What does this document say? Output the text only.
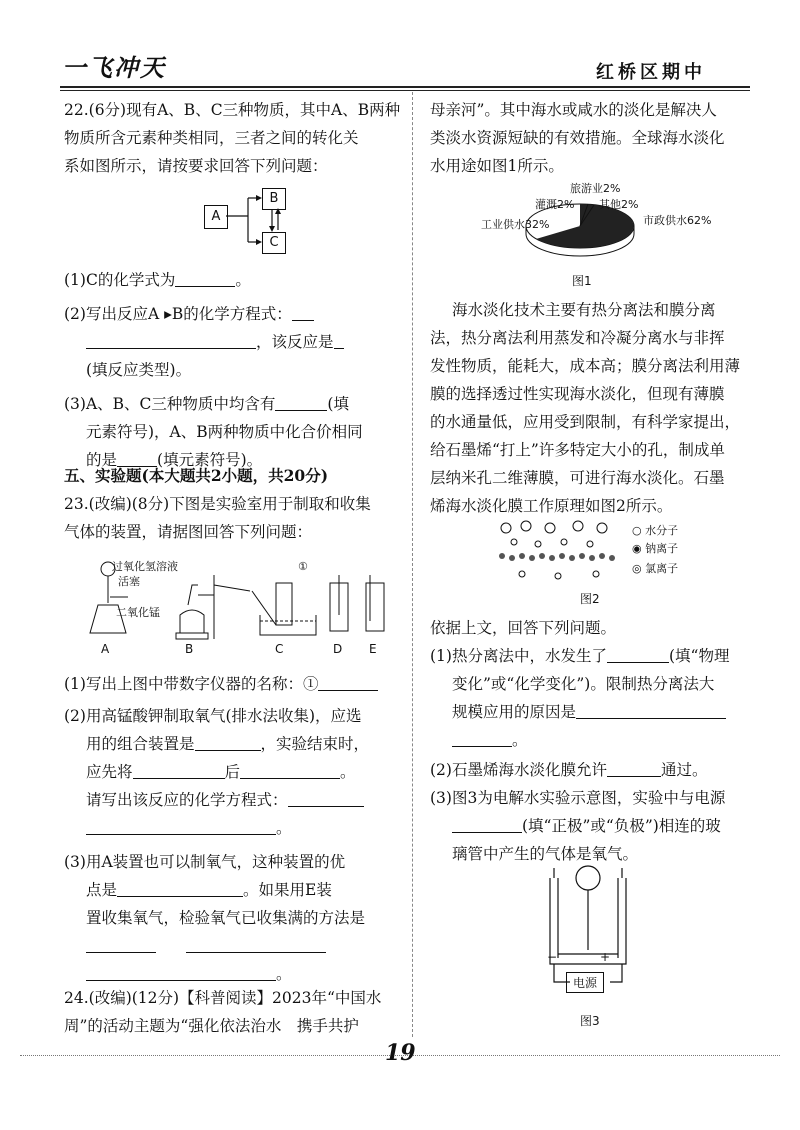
一飞冲天	红桥区期中
22.(6分)现有A、B、C三种物质，其中A、B两种
物质所含元素种类相同，三者之间的转化关
系如图所示，请按要求回答下列问题：
A
B
C
(1)C的化学式为	。
(2)写出反应A ▸B的化学方程式：
，该反应是
(填反应类型)。
(3)A、B、C三种物质中均含有	(填
元素符号)，A、B两种物质中化合价相同
的是	(填元素符号)。
五、实验题(本大题共2小题，共20分)
23.(改编)(8分)下图是实验室用于制取和收集
气体的装置，请据图回答下列问题：
过氧化氢溶液
活塞
二氧化锰
①
A	B	C	D E
(1)写出上图中带数字仪器的名称：①
(2)用高锰酸钾制取氧气(排水法收集)，应选
用的组合装置是	，实验结束时，
应先将	后	。
请写出该反应的化学方程式：
。
(3)用A装置也可以制氧气，这种装置的优
点是	。如果用E装
置收集氧气，检验氧气已收集满的方法是
。
24.(改编)(12分)【科普阅读】2023年“中国水
周”的活动主题为“强化依法治水　携手共护
母亲河”。其中海水或咸水的淡化是解决人
类淡水资源短缺的有效措施。全球海水淡化
水用途如图1所示。
旅游业2%
灌溉2% 其他2%
工业供水32%	市政供水62%
图1
海水淡化技术主要有热分离法和膜分离
法，热分离法利用蒸发和冷凝分离水与非挥
发性物质，能耗大，成本高；膜分离法利用薄
膜的选择透过性实现海水淡化，但现有薄膜
的水通量低，应用受到限制，有科学家提出，
给石墨烯“打上”许多特定大小的孔，制成单
层纳米孔二维薄膜，可进行海水淡化。石墨
烯海水淡化膜工作原理如图2所示。
○ 水分子
◉ 钠离子
◎ 氯离子
图2
依据上文，回答下列问题。
(1)热分离法中，水发生了	(填“物理
变化”或“化学变化”)。限制热分离法大
规模应用的原因是
。
(2)石墨烯海水淡化膜允许	通过。
(3)图3为电解水实验示意图，实验中与电源
(填“正极”或“负极”)相连的玻
璃管中产生的气体是氧气。
−	+
电源
图3
19
